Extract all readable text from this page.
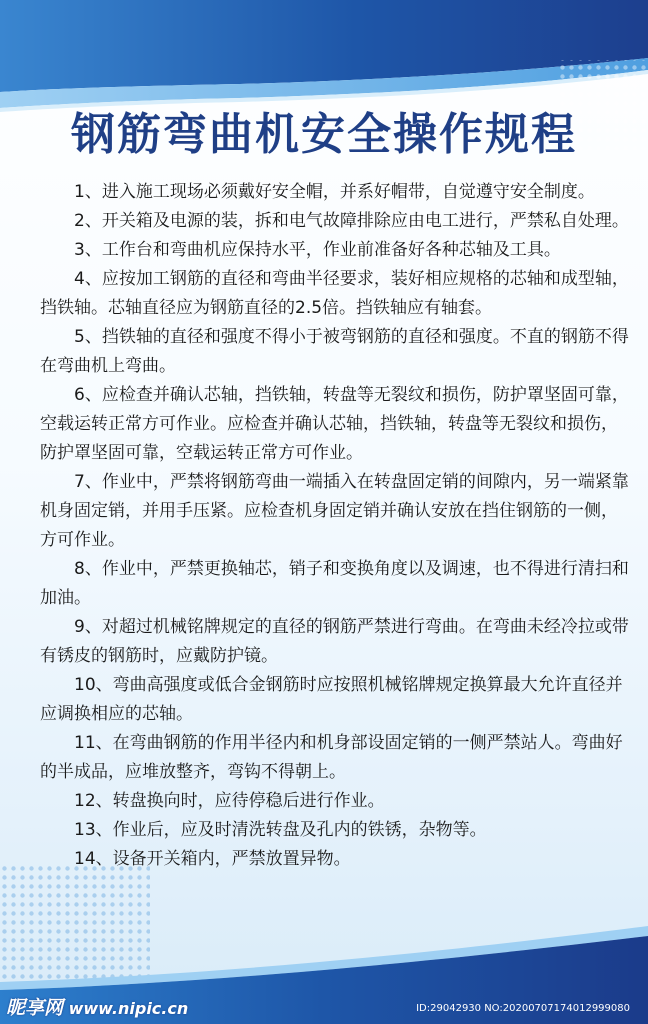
钢筋弯曲机安全操作规程

1、进入施工现场必须戴好安全帽，并系好帽带，自觉遵守安全制度。

2、开关箱及电源的装，拆和电气故障排除应由电工进行，严禁私自处理。

3、工作台和弯曲机应保持水平，作业前准备好各种芯轴及工具。

4、应按加工钢筋的直径和弯曲半径要求，装好相应规格的芯轴和成型轴，挡铁轴。芯轴直径应为钢筋直径的2.5倍。挡铁轴应有轴套。

5、挡铁轴的直径和强度不得小于被弯钢筋的直径和强度。不直的钢筋不得在弯曲机上弯曲。

6、应检查并确认芯轴，挡铁轴，转盘等无裂纹和损伤，防护罩坚固可靠，空载运转正常方可作业。应检查并确认芯轴，挡铁轴，转盘等无裂纹和损伤，防护罩坚固可靠，空载运转正常方可作业。

7、作业中，严禁将钢筋弯曲一端插入在转盘固定销的间隙内，另一端紧靠机身固定销，并用手压紧。应检查机身固定销并确认安放在挡住钢筋的一侧，方可作业。

8、作业中，严禁更换轴芯，销子和变换角度以及调速，也不得进行清扫和加油。

9、对超过机械铭牌规定的直径的钢筋严禁进行弯曲。在弯曲未经冷拉或带有锈皮的钢筋时，应戴防护镜。

10、弯曲高强度或低合金钢筋时应按照机械铭牌规定换算最大允许直径并应调换相应的芯轴。

11、在弯曲钢筋的作用半径内和机身部设固定销的一侧严禁站人。弯曲好的半成品，应堆放整齐，弯钩不得朝上。

12、转盘换向时，应待停稳后进行作业。

13、作业后，应及时清洗转盘及孔内的铁锈，杂物等。

14、设备开关箱内，严禁放置异物。

昵享网 www.nipic.cn	ID:29042930 NO:20200707174012999080
